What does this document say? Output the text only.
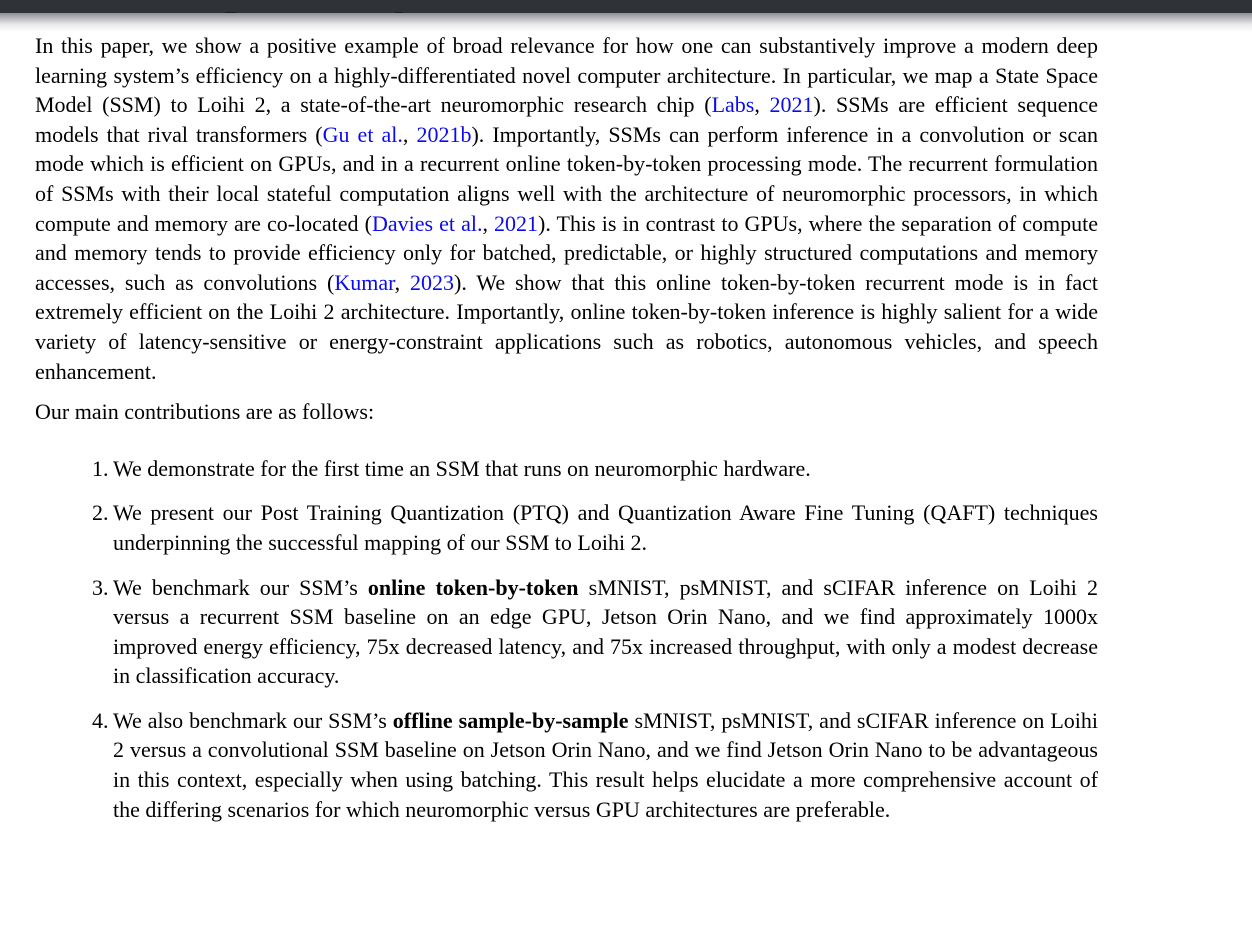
In this paper, we show a positive example of broad relevance for how one can substantively improve a modern deep learning system’s efficiency on a highly-differentiated novel computer architecture. In particular, we map a State Space Model (SSM) to Loihi 2, a state-of-the-art neuromorphic research chip (Labs, 2021). SSMs are efficient sequence models that rival transformers (Gu et al., 2021b). Importantly, SSMs can perform inference in a convolution or scan mode which is efficient on GPUs, and in a recurrent online token-by-token processing mode. The recurrent formulation of SSMs with their local stateful computation aligns well with the architecture of neuromorphic processors, in which compute and memory are co-located (Davies et al., 2021). This is in contrast to GPUs, where the separation of compute and memory tends to provide efficiency only for batched, predictable, or highly structured computations and memory accesses, such as convolutions (Kumar, 2023). We show that this online token-by-token recurrent mode is in fact extremely efficient on the Loihi 2 architecture. Importantly, online token-by-token inference is highly salient for a wide variety of latency-sensitive or energy-constraint applications such as robotics, autonomous vehicles, and speech enhancement.

Our main contributions are as follows:

1. We demonstrate for the first time an SSM that runs on neuromorphic hardware.
2. We present our Post Training Quantization (PTQ) and Quantization Aware Fine Tuning (QAFT) techniques underpinning the successful mapping of our SSM to Loihi 2.
3. We benchmark our SSM’s online token-by-token sMNIST, psMNIST, and sCIFAR inference on Loihi 2 versus a recurrent SSM baseline on an edge GPU, Jetson Orin Nano, and we find approximately 1000x improved energy efficiency, 75x decreased latency, and 75x increased throughput, with only a modest decrease in classification accuracy.
4. We also benchmark our SSM’s offline sample-by-sample sMNIST, psMNIST, and sCIFAR inference on Loihi 2 versus a convolutional SSM baseline on Jetson Orin Nano, and we find Jetson Orin Nano to be advantageous in this context, especially when using batching. This result helps elucidate a more comprehensive account of the differing scenarios for which neuromorphic versus GPU architectures are preferable.
